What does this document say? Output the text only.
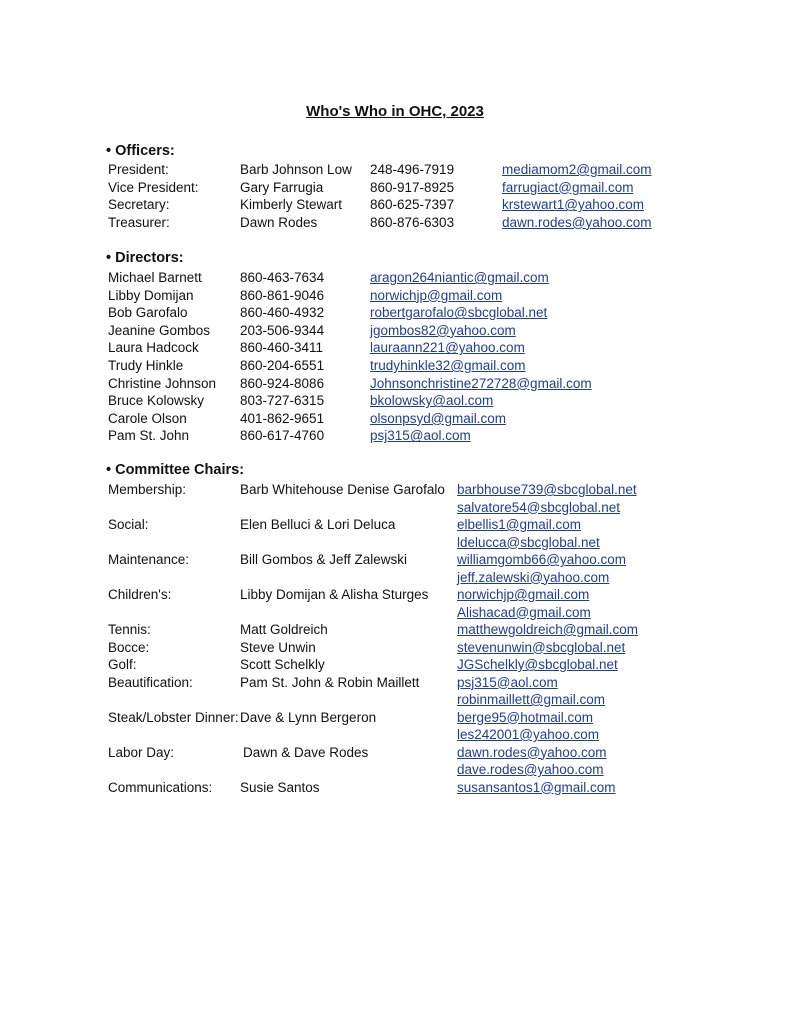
Who's Who in OHC, 2023
• Officers:
• Directors:
• Committee Chairs:
President:	Barb Johnson Low 248-496-7919	mediamom2@gmail.com
Vice President:	Gary Farrugia	860-917-8925	farrugiact@gmail.com
Secretary:	Kimberly Stewart 860-625-7397	krstewart1@yahoo.com
Treasurer:	Dawn Rodes	860-876-6303	dawn.rodes@yahoo.com
Michael Barnett	860-463-7634	aragon264niantic@gmail.com
Libby Domijan	860-861-9046	norwichjp@gmail.com
Bob Garofalo	860-460-4932	robertgarofalo@sbcglobal.net
Jeanine Gombos 203-506-9344	jgombos82@yahoo.com
Laura Hadcock	860-460-3411	lauraann221@yahoo.com
Trudy Hinkle	860-204-6551	trudyhinkle32@gmail.com
Christine Johnson 860-924-8086	Johnsonchristine272728@gmail.com
Bruce Kolowsky	803-727-6315	bkolowsky@aol.com
Carole Olson	401-862-9651	olsonpsyd@gmail.com
Pam St. John	860-617-4760	psj315@aol.com
Membership:	Barb Whitehouse Denise Garofalo barbhouse739@sbcglobal.net
salvatore54@sbcglobal.net
Social:	Elen Belluci & Lori Deluca	elbellis1@gmail.com
ldelucca@sbcglobal.net
Maintenance:	Bill Gombos & Jeff Zalewski	williamgomb66@yahoo.com
jeff.zalewski@yahoo.com
Children's:	Libby Domijan & Alisha Sturges norwichjp@gmail.com
Alishacad@gmail.com
Tennis:	Matt Goldreich	matthewgoldreich@gmail.com
Bocce:	Steve Unwin	stevenunwin@sbcglobal.net
Golf:	Scott Schelkly	JGSchelkly@sbcglobal.net
Beautification:	Pam St. John & Robin Maillett	psj315@aol.com
robinmaillett@gmail.com
Steak/Lobster Dinner: Dave & Lynn Bergeron	berge95@hotmail.com
les242001@yahoo.com
Labor Day:	Dawn & Dave Rodes	dawn.rodes@yahoo.com
dave.rodes@yahoo.com
Communications: Susie Santos	susansantos1@gmail.com
